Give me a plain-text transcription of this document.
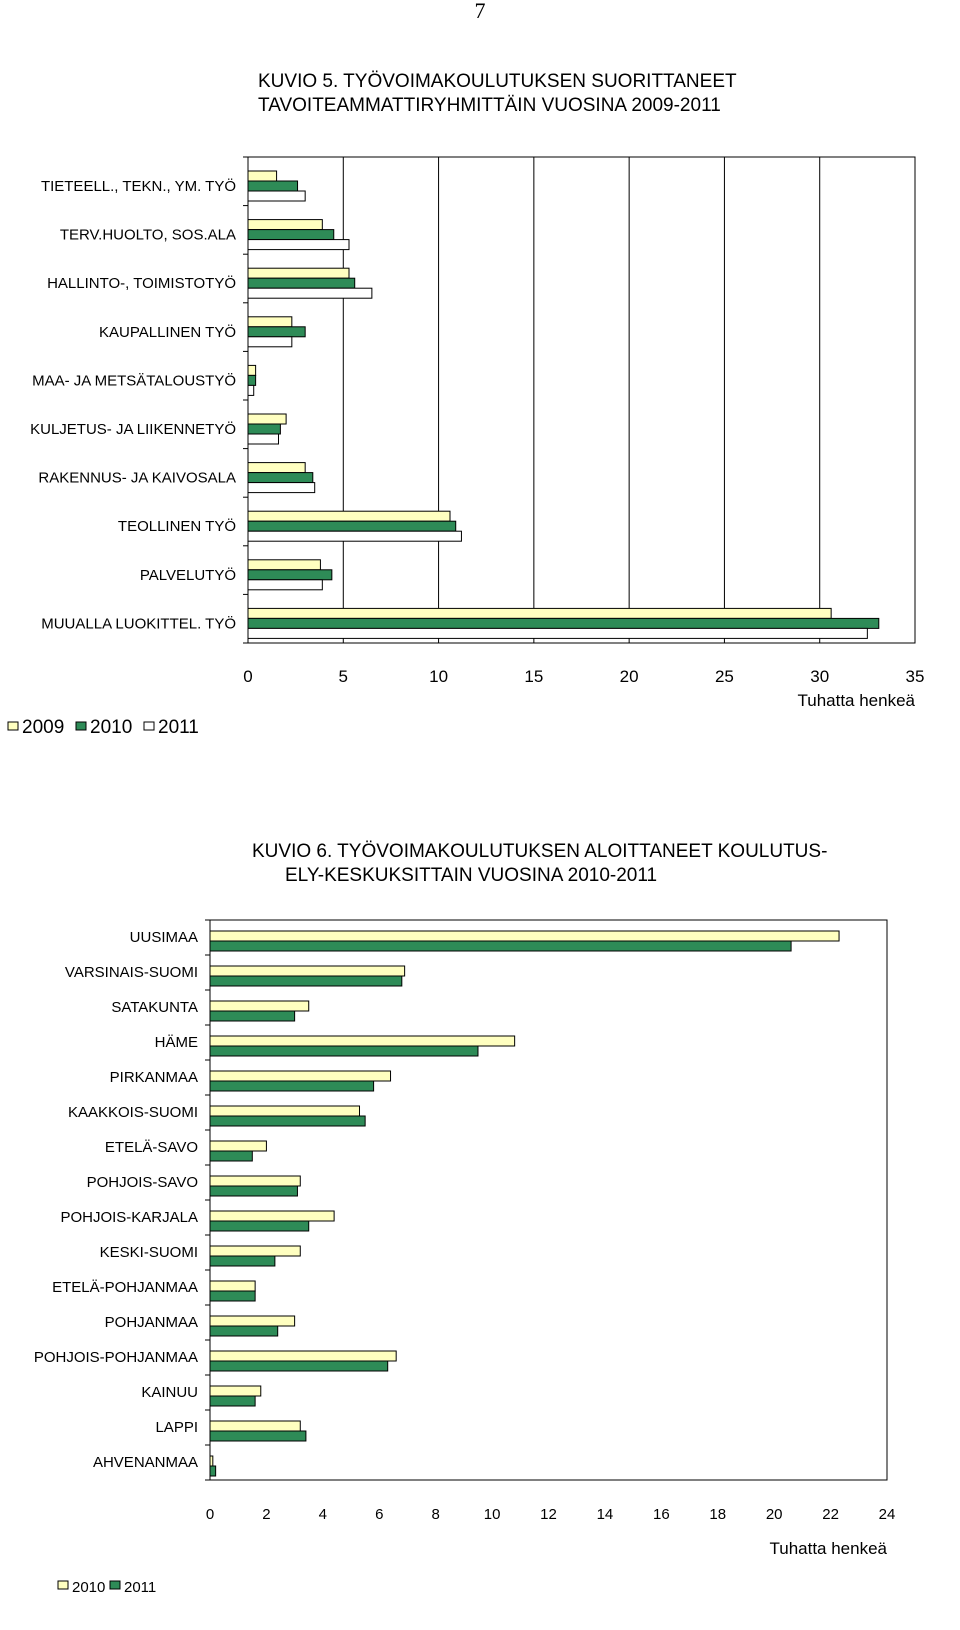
7
KUVIO 5. TYÖVOIMAKOULUTUKSEN SUORITTANEET
TAVOITEAMMATTIRYHMITTÄIN VUOSINA 2009-2011
TIETEELL., TEKN., YM. TYÖ
TERV.HUOLTO, SOS.ALA
HALLINTO-, TOIMISTOTYÖ
KAUPALLINEN TYÖ
MAA- JA METSÄTALOUSTYÖ
KULJETUS- JA LIIKENNETYÖ
RAKENNUS- JA KAIVOSALA
TEOLLINEN TYÖ
PALVELUTYÖ
MUUALLA LUOKITTEL. TYÖ
0	5	10	15	20	25	30	35
Tuhatta henkeä
2009 2010 2011
KUVIO 6. TYÖVOIMAKOULUTUKSEN ALOITTANEET KOULUTUS-
ELY-KESKUKSITTAIN VUOSINA 2010-2011
UUSIMAA
VARSINAIS-SUOMI
SATAKUNTA
HÄME
PIRKANMAA
KAAKKOIS-SUOMI
ETELÄ-SAVO
POHJOIS-SAVO
POHJOIS-KARJALA
KESKI-SUOMI
ETELÄ-POHJANMAA
POHJANMAA
POHJOIS-POHJANMAA
KAINUU
LAPPI
AHVENANMAA
0	2	4	6	8	10	12	14	16	18	20	22	24
Tuhatta henkeä
2010 2011
